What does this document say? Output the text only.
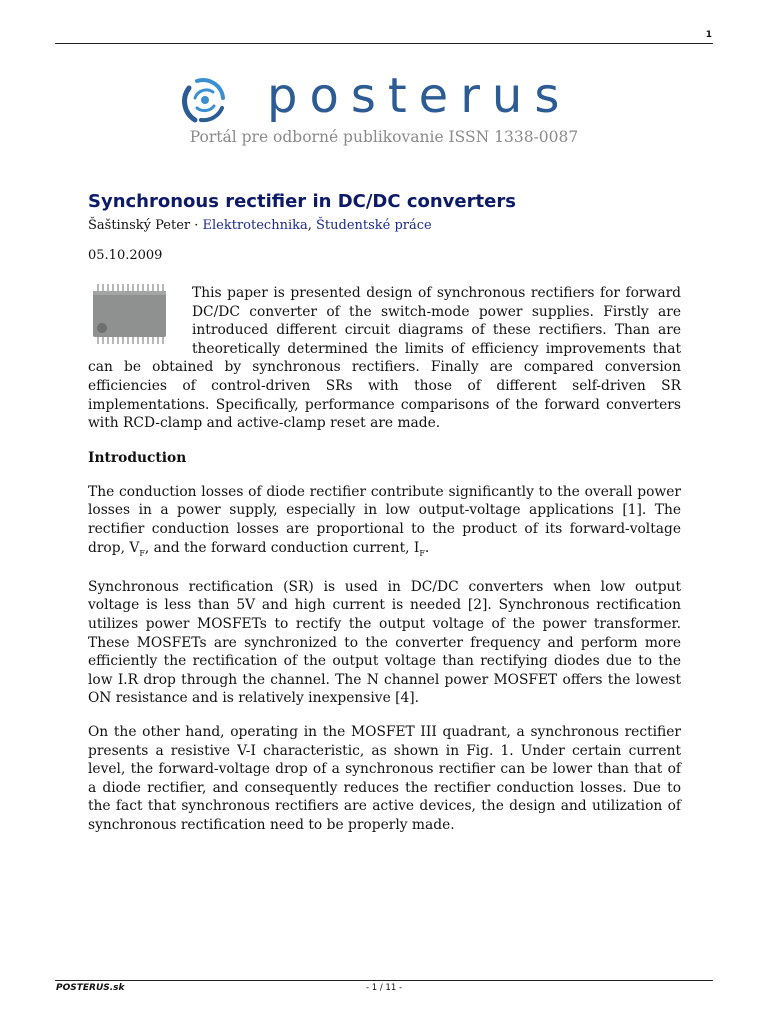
1
posterus
Portál pre odborné publikovanie ISSN 1338-0087
Synchronous rectifier in DC/DC converters
Šaštinský Peter · Elektrotechnika, Študentské práce
05.10.2009
This paper is presented design of synchronous rectifiers for forward DC/DC converter of the switch-mode power supplies. Firstly are introduced different circuit diagrams of these rectifiers. Than are theoretically determined the limits of efficiency improvements that can be obtained by synchronous rectifiers. Finally are compared conversion efficiencies of control-driven SRs with those of different self-driven SR implementations. Specifically, performance comparisons of the forward converters with RCD-clamp and active-clamp reset are made.
Introduction

The conduction losses of diode rectifier contribute significantly to the overall power losses in a power supply, especially in low output-voltage applications [1]. The rectifier conduction losses are proportional to the product of its forward-voltage drop, $V_F$, and the forward conduction current, $I_F$.

Synchronous rectification (SR) is used in DC/DC converters when low output voltage is less than 5V and high current is needed [2]. Synchronous rectification utilizes power MOSFETs to rectify the output voltage of the power transformer. These MOSFETs are synchronized to the converter frequency and perform more efficiently the rectification of the output voltage than rectifying diodes due to the low I.R drop through the channel. The N channel power MOSFET offers the lowest ON resistance and is relatively inexpensive [4].

On the other hand, operating in the MOSFET III quadrant, a synchronous rectifier presents a resistive V-I characteristic, as shown in Fig. 1. Under certain current level, the forward-voltage drop of a synchronous rectifier can be lower than that of a diode rectifier, and consequently reduces the rectifier conduction losses. Due to the fact that synchronous rectifiers are active devices, the design and utilization of synchronous rectification need to be properly made.

POSTERUS.sk	- 1 / 11 -
